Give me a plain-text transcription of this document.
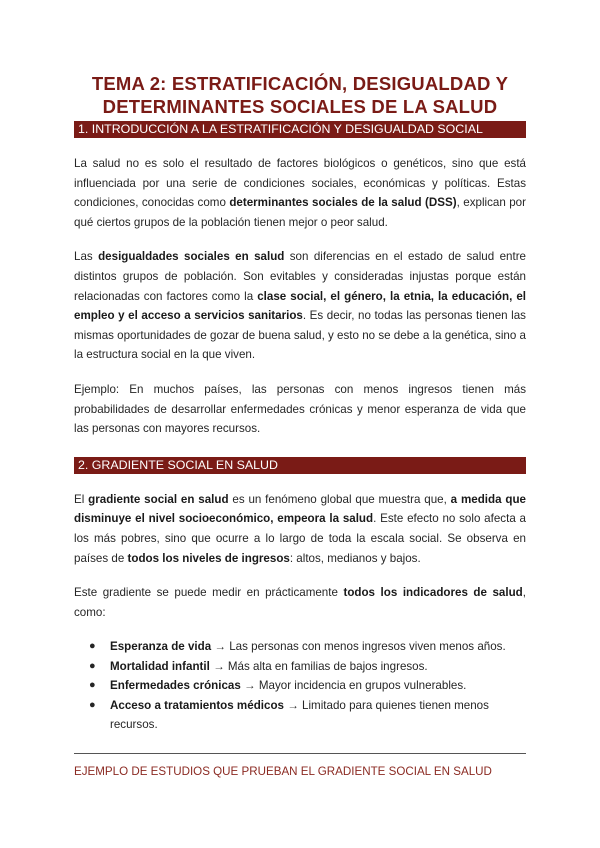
TEMA 2: ESTRATIFICACIÓN, DESIGUALDAD Y
DETERMINANTES SOCIALES DE LA SALUD
1. INTRODUCCIÓN A LA ESTRATIFICACIÓN Y DESIGUALDAD SOCIAL

La salud no es solo el resultado de factores biológicos o genéticos, sino que está influenciada por una serie de condiciones sociales, económicas y políticas. Estas condiciones, conocidas como determinantes sociales de la salud (DSS), explican por qué ciertos grupos de la población tienen mejor o peor salud.

Las desigualdades sociales en salud son diferencias en el estado de salud entre distintos grupos de población. Son evitables y consideradas injustas porque están relacionadas con factores como la clase social, el género, la etnia, la educación, el empleo y el acceso a servicios sanitarios. Es decir, no todas las personas tienen las mismas oportunidades de gozar de buena salud, y esto no se debe a la genética, sino a la estructura social en la que viven.

Ejemplo: En muchos países, las personas con menos ingresos tienen más probabilidades de desarrollar enfermedades crónicas y menor esperanza de vida que las personas con mayores recursos.

2. GRADIENTE SOCIAL EN SALUD

El gradiente social en salud es un fenómeno global que muestra que, a medida que disminuye el nivel socioeconómico, empeora la salud. Este efecto no solo afecta a los más pobres, sino que ocurre a lo largo de toda la escala social. Se observa en países de todos los niveles de ingresos: altos, medianos y bajos.

Este gradiente se puede medir en prácticamente todos los indicadores de salud, como:

● Esperanza de vida → Las personas con menos ingresos viven menos años.
● Mortalidad infantil → Más alta en familias de bajos ingresos.
● Enfermedades crónicas → Mayor incidencia en grupos vulnerables.
● Acceso a tratamientos médicos → Limitado para quienes tienen menos recursos.
EJEMPLO DE ESTUDIOS QUE PRUEBAN EL GRADIENTE SOCIAL EN SALUD
